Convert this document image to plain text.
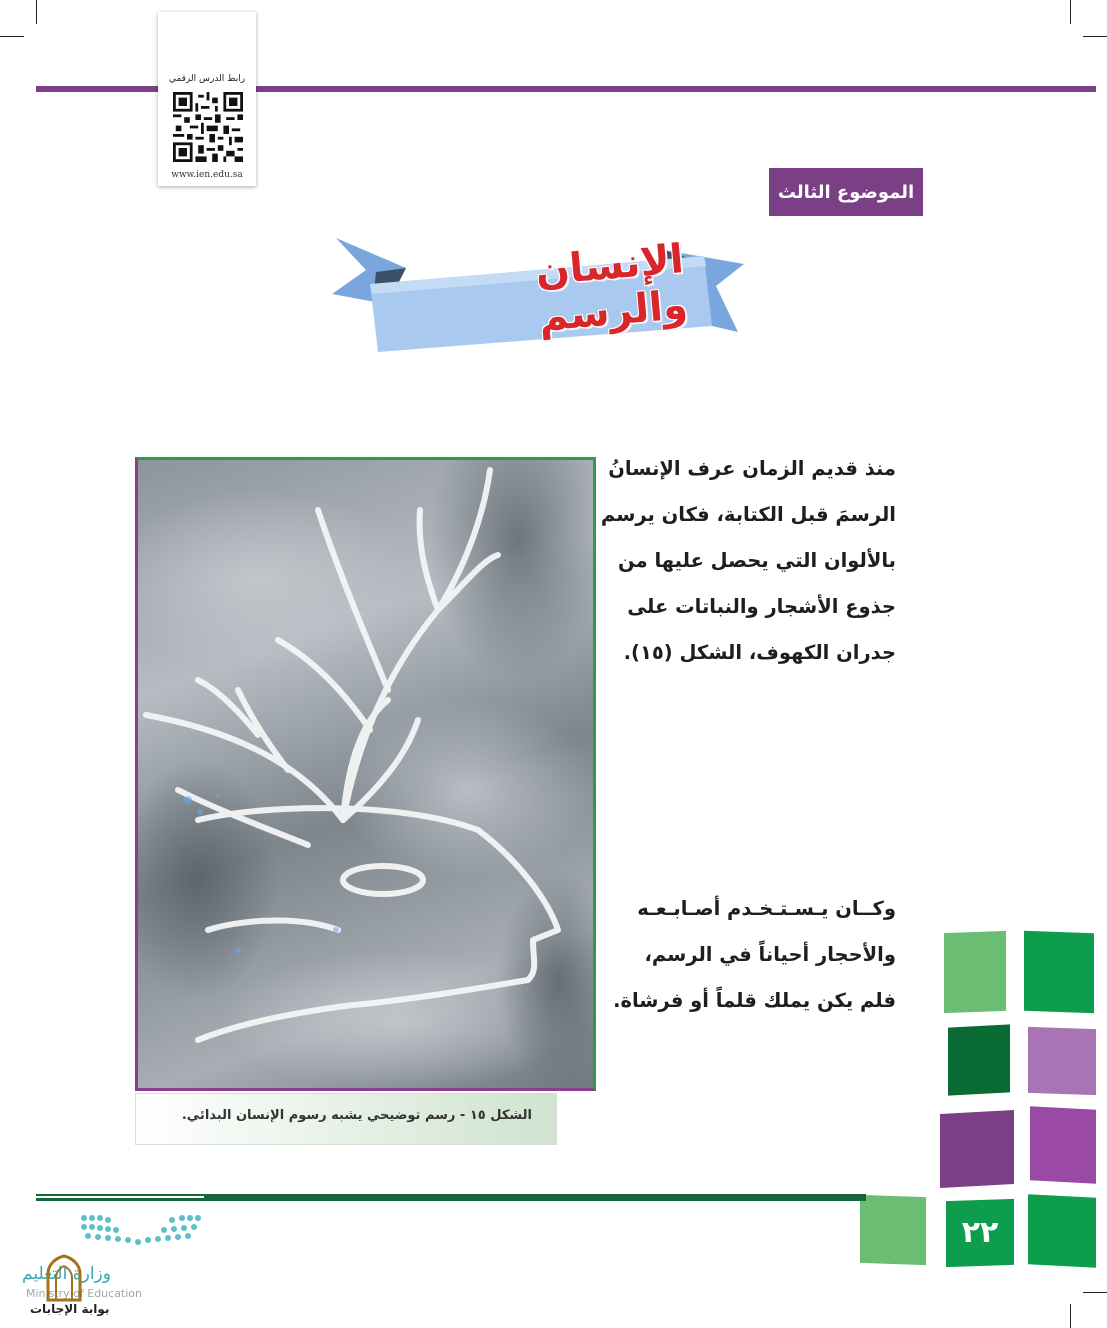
رابط الدرس الرقمي
www.ien.edu.sa
الموضوع الثالث
الإنسان والرسم
الشكل ١٥ - رسم توضيحي يشبه رسوم الإنسان البدائي.
منذ قديم الزمان عرف الإنسانُ
الرسمَ قبل الكتابة، فكان يرسم
بالألوان التي يحصل عليها من
جذوع الأشجار والنباتات على
جدران الكهوف، الشكل (١٥).
وكــان يـسـتـخـدم أصـابـعـه
والأحجار أحياناً في الرسم،
فلم يكن يملك قلماً أو فرشاة.
٢٢
وزارة التعليم
Ministry of Education
بوابة الإجابات
